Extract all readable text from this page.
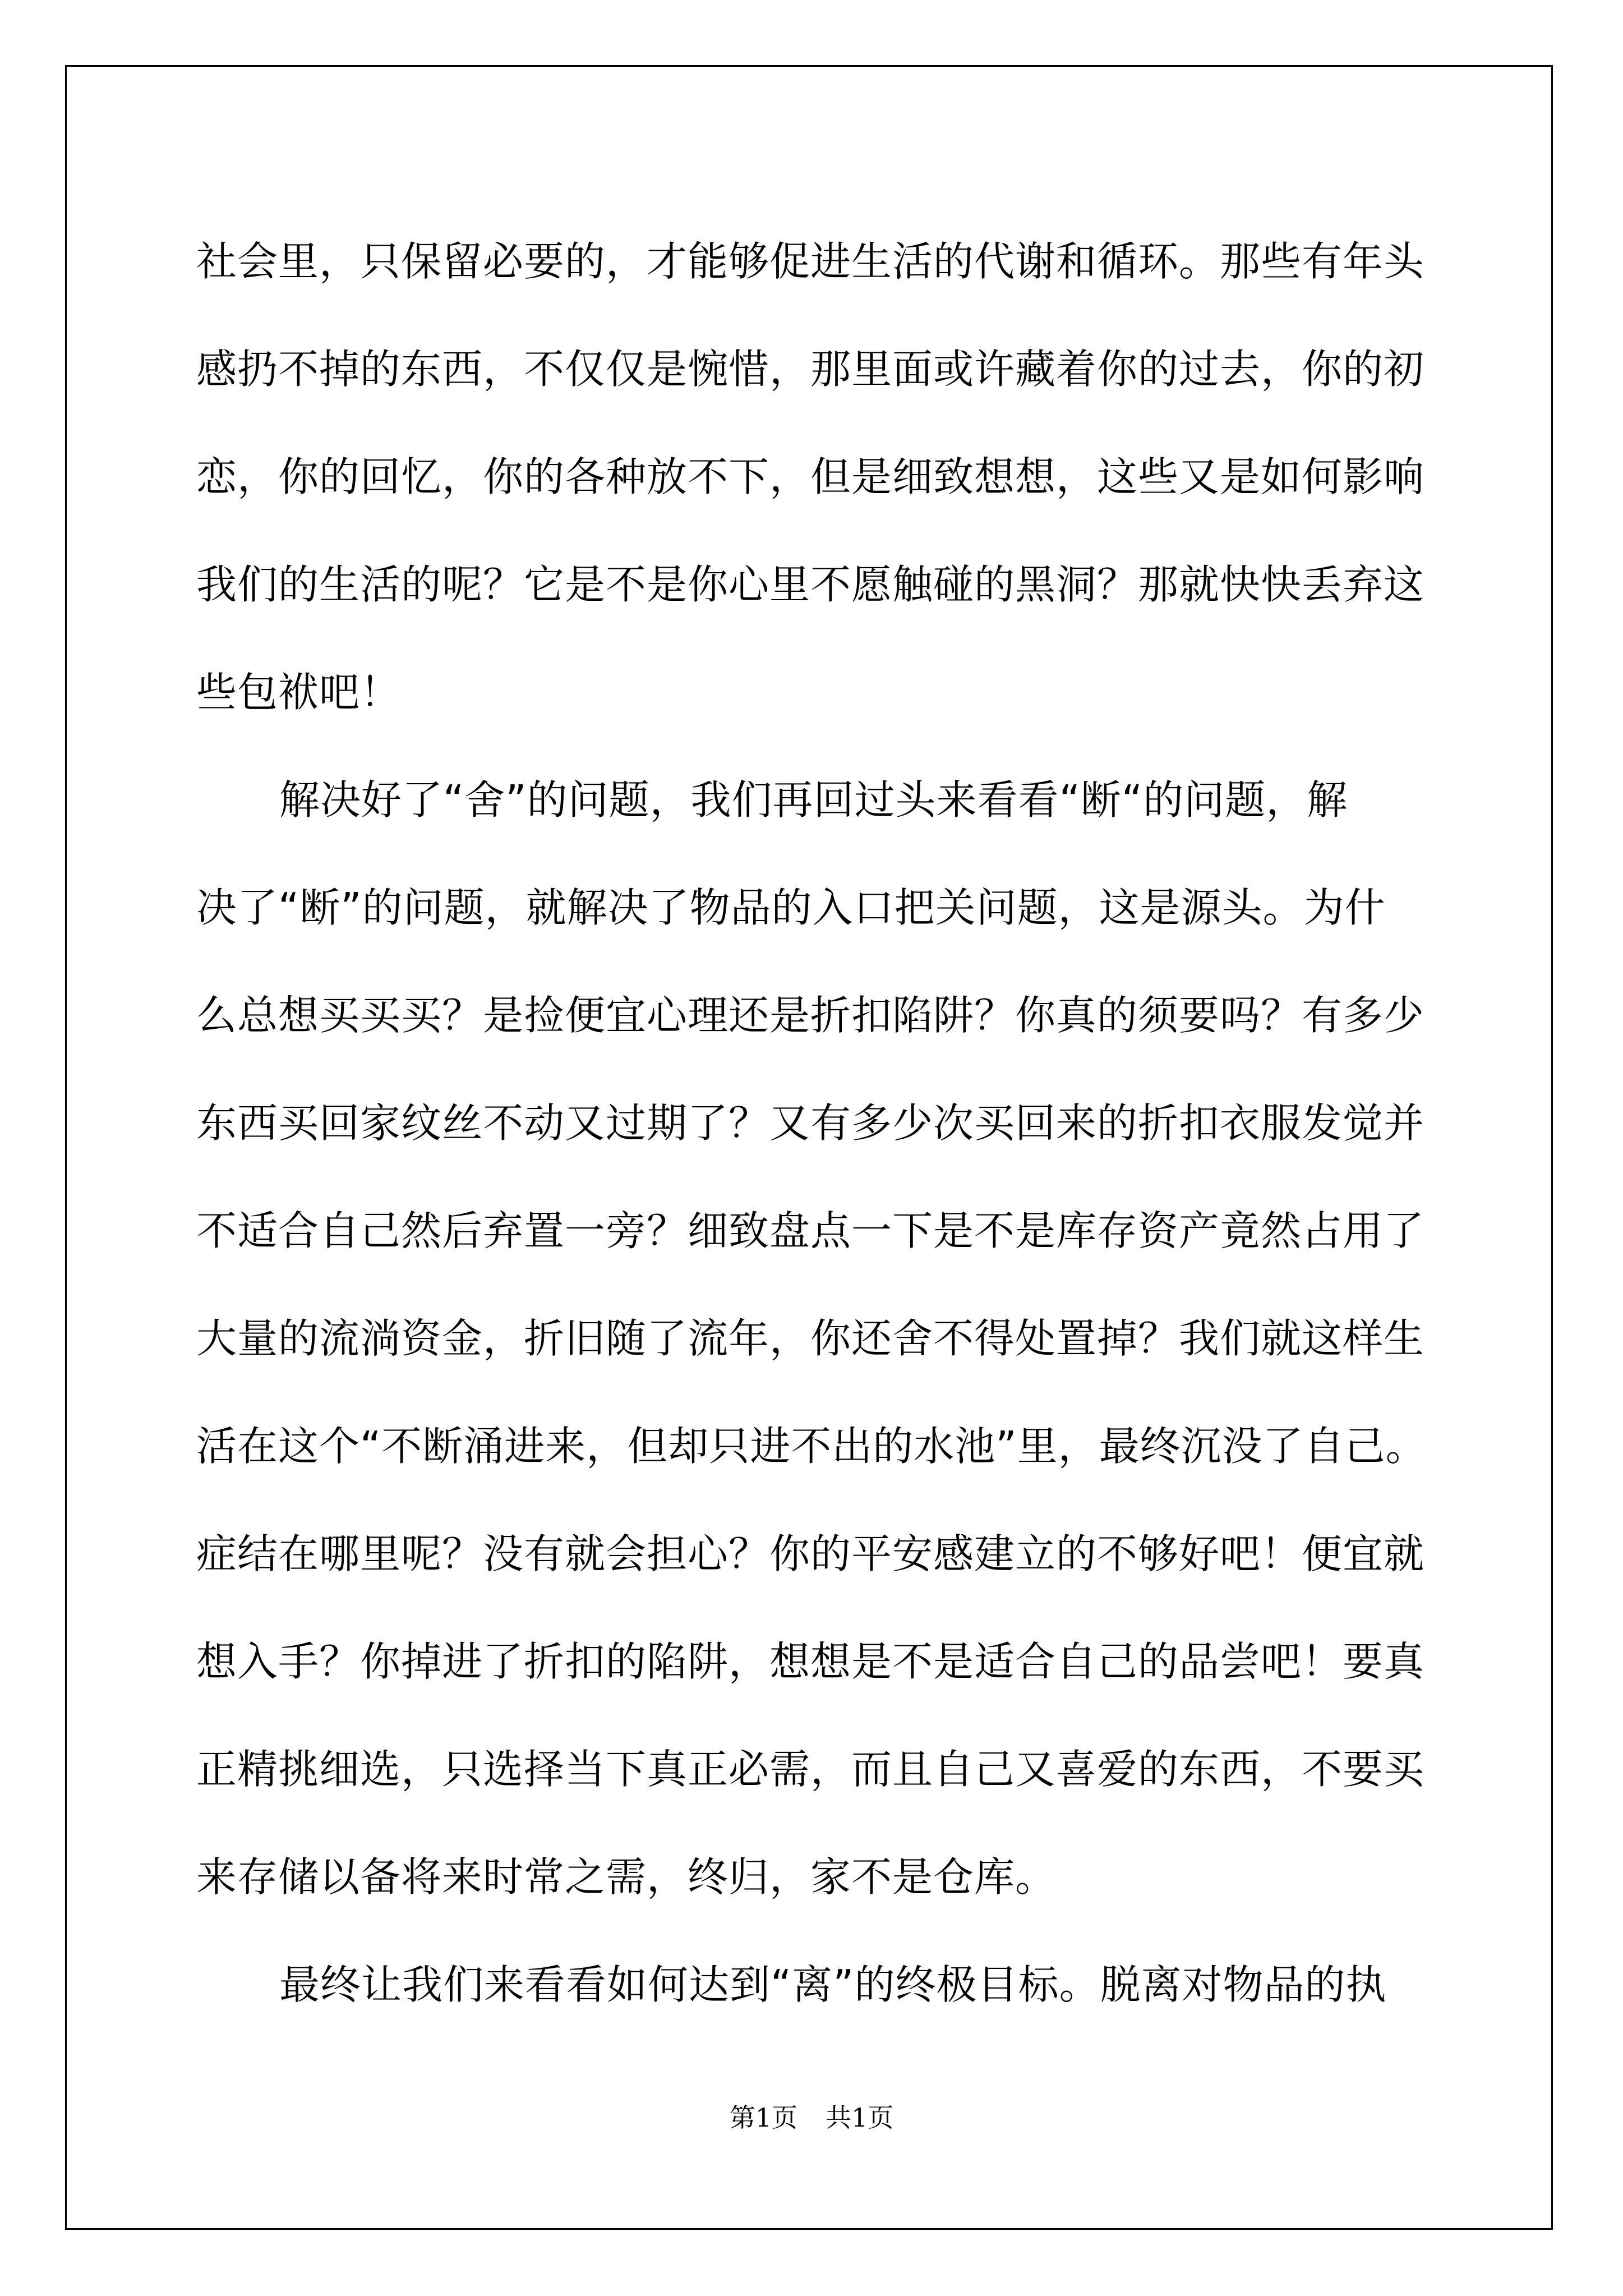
社会里，只保留必要的，才能够促进生活的代谢和循环。那些有年头
感扔不掉的东西，不仅仅是惋惜，那里面或许藏着你的过去，你的初
恋，你的回忆，你的各种放不下，但是细致想想，这些又是如何影响
我们的生活的呢？它是不是你心里不愿触碰的黑洞？那就快快丢弃这
些包袱吧！
解决好了“舍”的问题，我们再回过头来看看“断“的问题，解
决了“断”的问题，就解决了物品的入口把关问题，这是源头。为什
么总想买买买？是捡便宜心理还是折扣陷阱？你真的须要吗？有多少
东西买回家纹丝不动又过期了？又有多少次买回来的折扣衣服发觉并
不适合自己然后弃置一旁？细致盘点一下是不是库存资产竟然占用了
大量的流淌资金，折旧随了流年，你还舍不得处置掉？我们就这样生
活在这个“不断涌进来，但却只进不出的水池”里，最终沉没了自己。
症结在哪里呢？没有就会担心？你的平安感建立的不够好吧！便宜就
想入手？你掉进了折扣的陷阱，想想是不是适合自己的品尝吧！要真
正精挑细选，只选择当下真正必需，而且自己又喜爱的东西，不要买
来存储以备将来时常之需，终归，家不是仓库。
最终让我们来看看如何达到“离”的终极目标。脱离对物品的执
第1页 共1页
